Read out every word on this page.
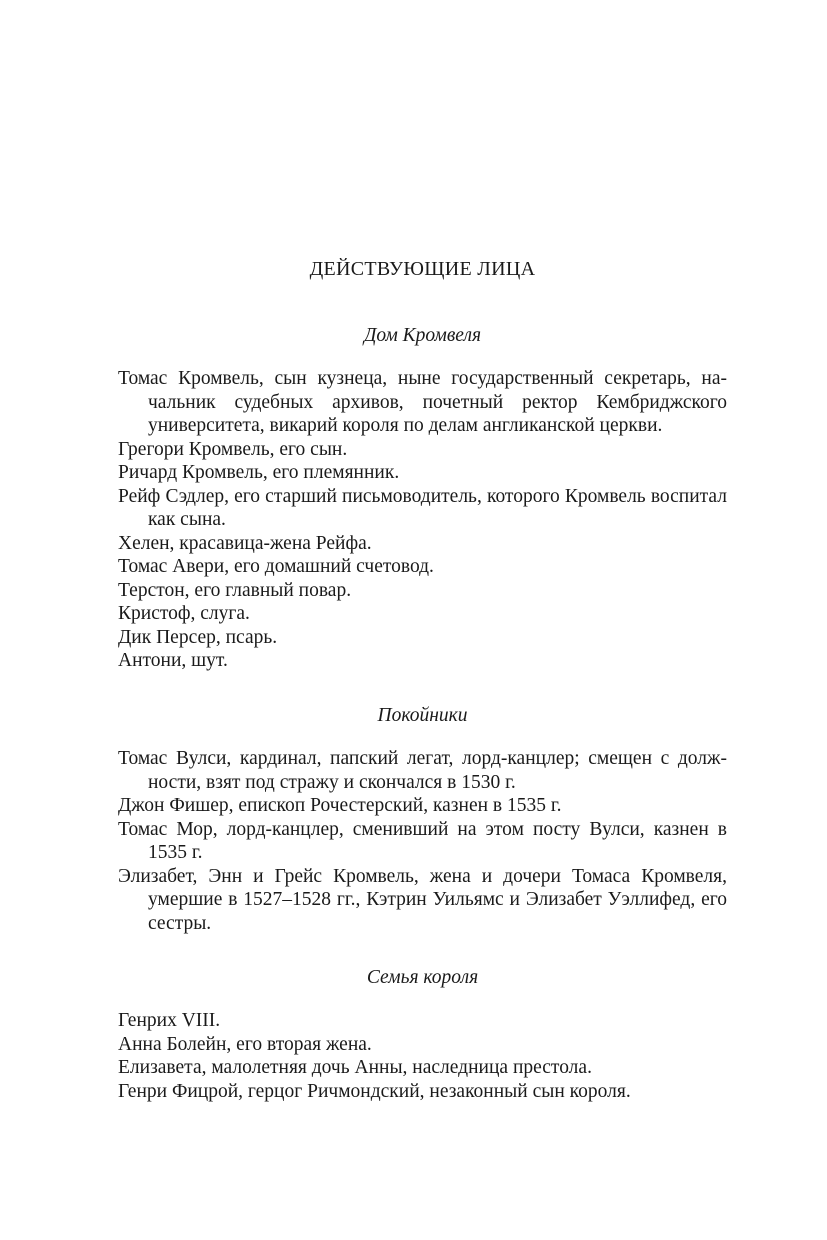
ДЕЙСТВУЮЩИЕ ЛИЦА
Дом Кромвеля
Томас Кромвель, сын кузнеца, ныне государственный секретарь, начальник судебных архивов, почетный ректор Кембриджского университета, викарий короля по делам англиканской церкви.
Грегори Кромвель, его сын.
Ричард Кромвель, его племянник.
Рейф Сэдлер, его старший письмоводитель, которого Кромвель воспитал как сына.
Хелен, красавица-жена Рейфа.
Томас Авери, его домашний счетовод.
Терстон, его главный повар.
Кристоф, слуга.
Дик Персер, псарь.
Антони, шут.
Покойники
Томас Вулси, кардинал, папский легат, лорд-канцлер; смещен с должности, взят под стражу и скончался в 1530 г.
Джон Фишер, епископ Рочестерский, казнен в 1535 г.
Томас Мор, лорд-канцлер, сменивший на этом посту Вулси, казнен в 1535 г.
Элизабет, Энн и Грейс Кромвель, жена и дочери Томаса Кромвеля, умершие в 1527–1528 гг., Кэтрин Уильямс и Элизабет Уэллифед, его сестры.
Семья короля
Генрих VIII.
Анна Болейн, его вторая жена.
Елизавета, малолетняя дочь Анны, наследница престола.
Генри Фицрой, герцог Ричмондский, незаконный сын короля.
